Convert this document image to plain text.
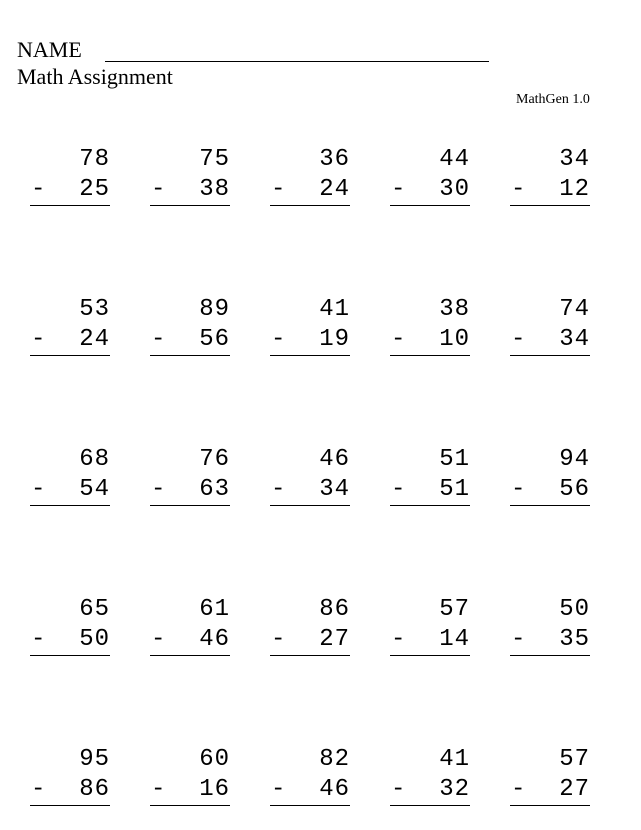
NAME
Math Assignment
MathGen 1.0
78
- 25
75
- 38
36
- 24
44
- 30
34
- 12
53
- 24
89
- 56
41
- 19
38
- 10
74
- 34
68
- 54
76
- 63
46
- 34
51
- 51
94
- 56
65
- 50
61
- 46
86
- 27
57
- 14
50
- 35
95
- 86
60
- 16
82
- 46
41
- 32
57
- 27
